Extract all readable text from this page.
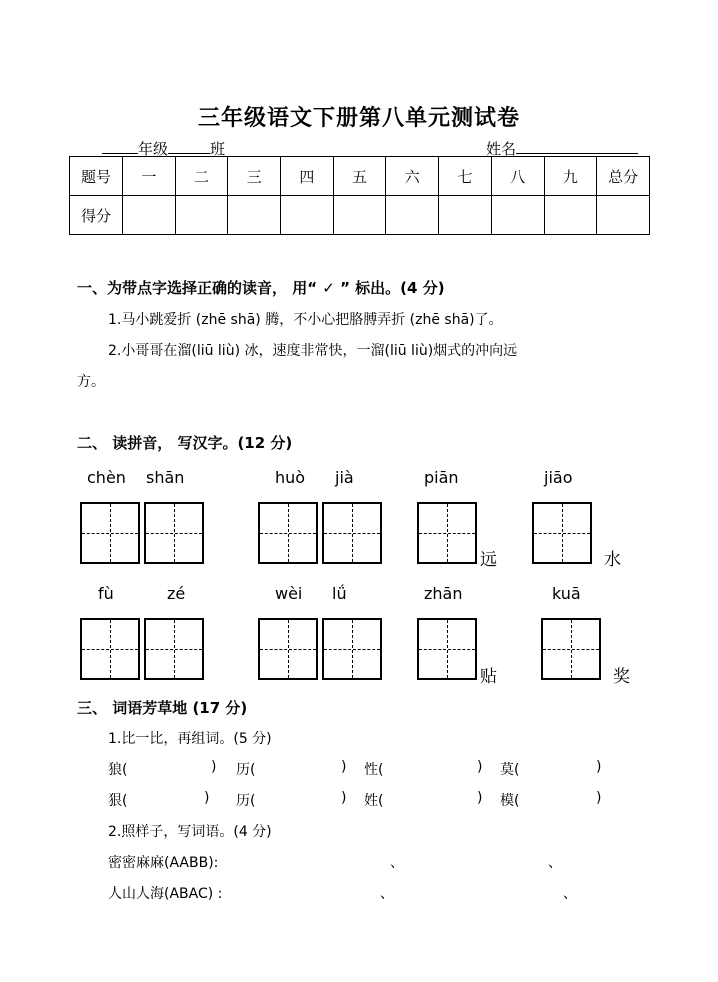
三年级语文下册第八单元测试卷
年级	班	姓名
题号	一	二	三	四	五	六	七	八	九	总分
得分										
一、为带点字选择正确的读音， 用“ ✓ ” 标出。(4 分)
1.马小跳爱折 (zhē shā) 腾，不小心把胳膊弄折 (zhē shā)了。
2.小哥哥在溜(liū liù) 冰，速度非常快，一溜(liū liù)烟式的冲向远
方。
二、 读拼音， 写汉字。(12 分)
chèn shān	huò jià	piān	jiāo
远	水
fù	zé	wèi lǘ	zhān	kuā
贴	奖
三、 词语芳草地 (17 分)
1.比一比，再组词。(5 分)
狼(	) 历(	) 性(	) 莫(	)
狠(	) 历(	) 姓(	) 模(	)
2.照样子，写词语。(4 分)
密密麻麻(AABB):	、	、
人山人海(ABAC) :	、	、
